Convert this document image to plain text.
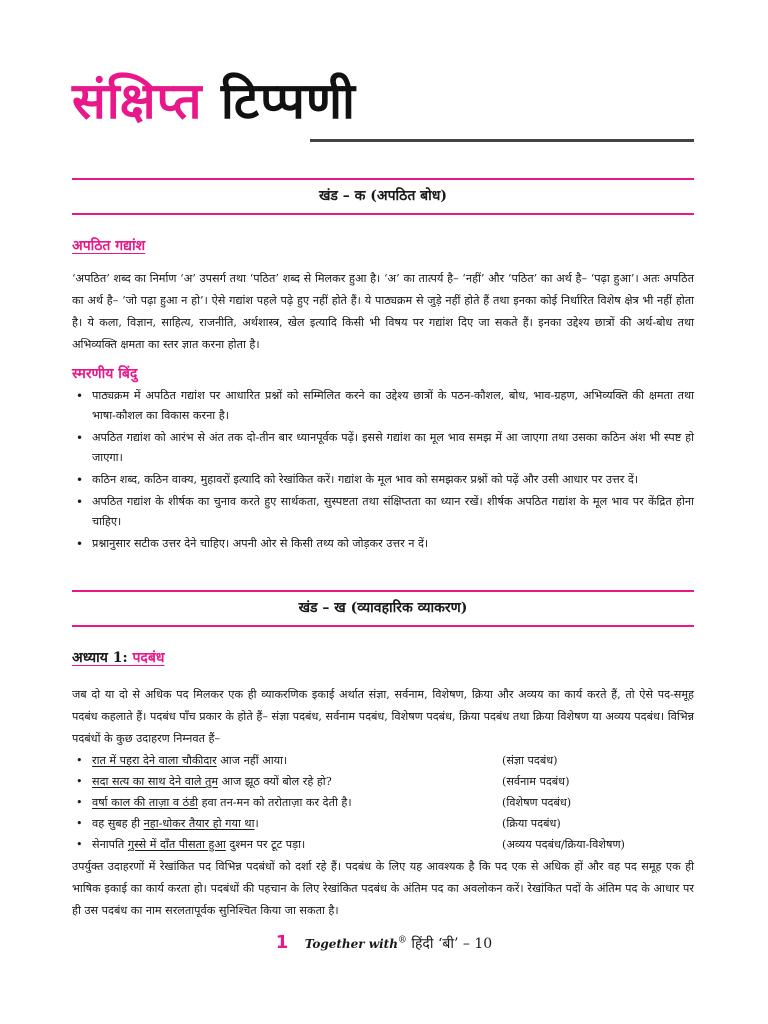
संक्षिप्त टिप्पणी
खंड – क (अपठित बोध)
अपठित गद्यांश
‘अपठित’ शब्द का निर्माण ‘अ’ उपसर्ग तथा ‘पठित’ शब्द से मिलकर हुआ है। ‘अ’ का तात्पर्य है– ‘नहीं’ और ‘पठित’ का अर्थ है– ‘पढ़ा हुआ’। अतः अपठित का अर्थ है– ‘जो पढ़ा हुआ न हो’। ऐसे गद्यांश पहले पढ़े हुए नहीं होते हैं। ये पाठ्यक्रम से जुड़े नहीं होते हैं तथा इनका कोई निर्धारित विशेष क्षेत्र भी नहीं होता है। ये कला, विज्ञान, साहित्य, राजनीति, अर्थशास्त्र, खेल इत्यादि किसी भी विषय पर गद्यांश दिए जा सकते हैं। इनका उद्देश्य छात्रों की अर्थ-बोध तथा अभिव्यक्ति क्षमता का स्तर ज्ञात करना होता है।
स्मरणीय बिंदु
• पाठ्यक्रम में अपठित गद्यांश पर आधारित प्रश्नों को सम्मिलित करने का उद्देश्य छात्रों के पठन-कौशल, बोध, भाव-ग्रहण, अभिव्यक्ति की क्षमता तथा भाषा-कौशल का विकास करना है।
• अपठित गद्यांश को आरंभ से अंत तक दो-तीन बार ध्यानपूर्वक पढ़ें। इससे गद्यांश का मूल भाव समझ में आ जाएगा तथा उसका कठिन अंश भी स्पष्ट हो जाएगा।
• कठिन शब्द, कठिन वाक्य, मुहावरों इत्यादि को रेखांकित करें। गद्यांश के मूल भाव को समझकर प्रश्नों को पढ़ें और उसी आधार पर उत्तर दें।
• अपठित गद्यांश के शीर्षक का चुनाव करते हुए सार्थकता, सुस्पष्टता तथा संक्षिप्तता का ध्यान रखें। शीर्षक अपठित गद्यांश के मूल भाव पर केंद्रित होना चाहिए।
• प्रश्नानुसार सटीक उत्तर देने चाहिए। अपनी ओर से किसी तथ्य को जोड़कर उत्तर न दें।
खंड – ख (व्यावहारिक व्याकरण)
अध्याय 1: पदबंध
जब दो या दो से अधिक पद मिलकर एक ही व्याकरणिक इकाई अर्थात संज्ञा, सर्वनाम, विशेषण, क्रिया और अव्यय का कार्य करते हैं, तो ऐसे पद-समूह पदबंध कहलाते हैं। पदबंध पाँच प्रकार के होते हैं– संज्ञा पदबंध, सर्वनाम पदबंध, विशेषण पदबंध, क्रिया पदबंध तथा क्रिया विशेषण या अव्यय पदबंध। विभिन्न पदबंधों के कुछ उदाहरण निम्नवत हैं–
• रात में पहरा देने वाला चौकीदार आज नहीं आया।	(संज्ञा पदबंध)
• सदा सत्य का साथ देने वाले तुम आज झूठ क्यों बोल रहे हो?	(सर्वनाम पदबंध)
• वर्षा काल की ताज़ा व ठंडी हवा तन-मन को तरोताज़ा कर देती है।	(विशेषण पदबंध)
• वह सुबह ही नहा-धोकर तैयार हो गया था।	(क्रिया पदबंध)
• सेनापति गुस्से में दाँत पीसता हुआ दुश्मन पर टूट पड़ा।	(अव्यय पदबंध/क्रिया-विशेषण)
उपर्युक्त उदाहरणों में रेखांकित पद विभिन्न पदबंधों को दर्शा रहे हैं। पदबंध के लिए यह आवश्यक है कि पद एक से अधिक हों और वह पद समूह एक ही भाषिक इकाई का कार्य करता हो। पदबंधों की पहचान के लिए रेखांकित पदबंध के अंतिम पद का अवलोकन करें। रेखांकित पदों के अंतिम पद के आधार पर ही उस पदबंध का नाम सरलतापूर्वक सुनिश्चित किया जा सकता है।
1 Together with® हिंदी ‘बी’ – 10
